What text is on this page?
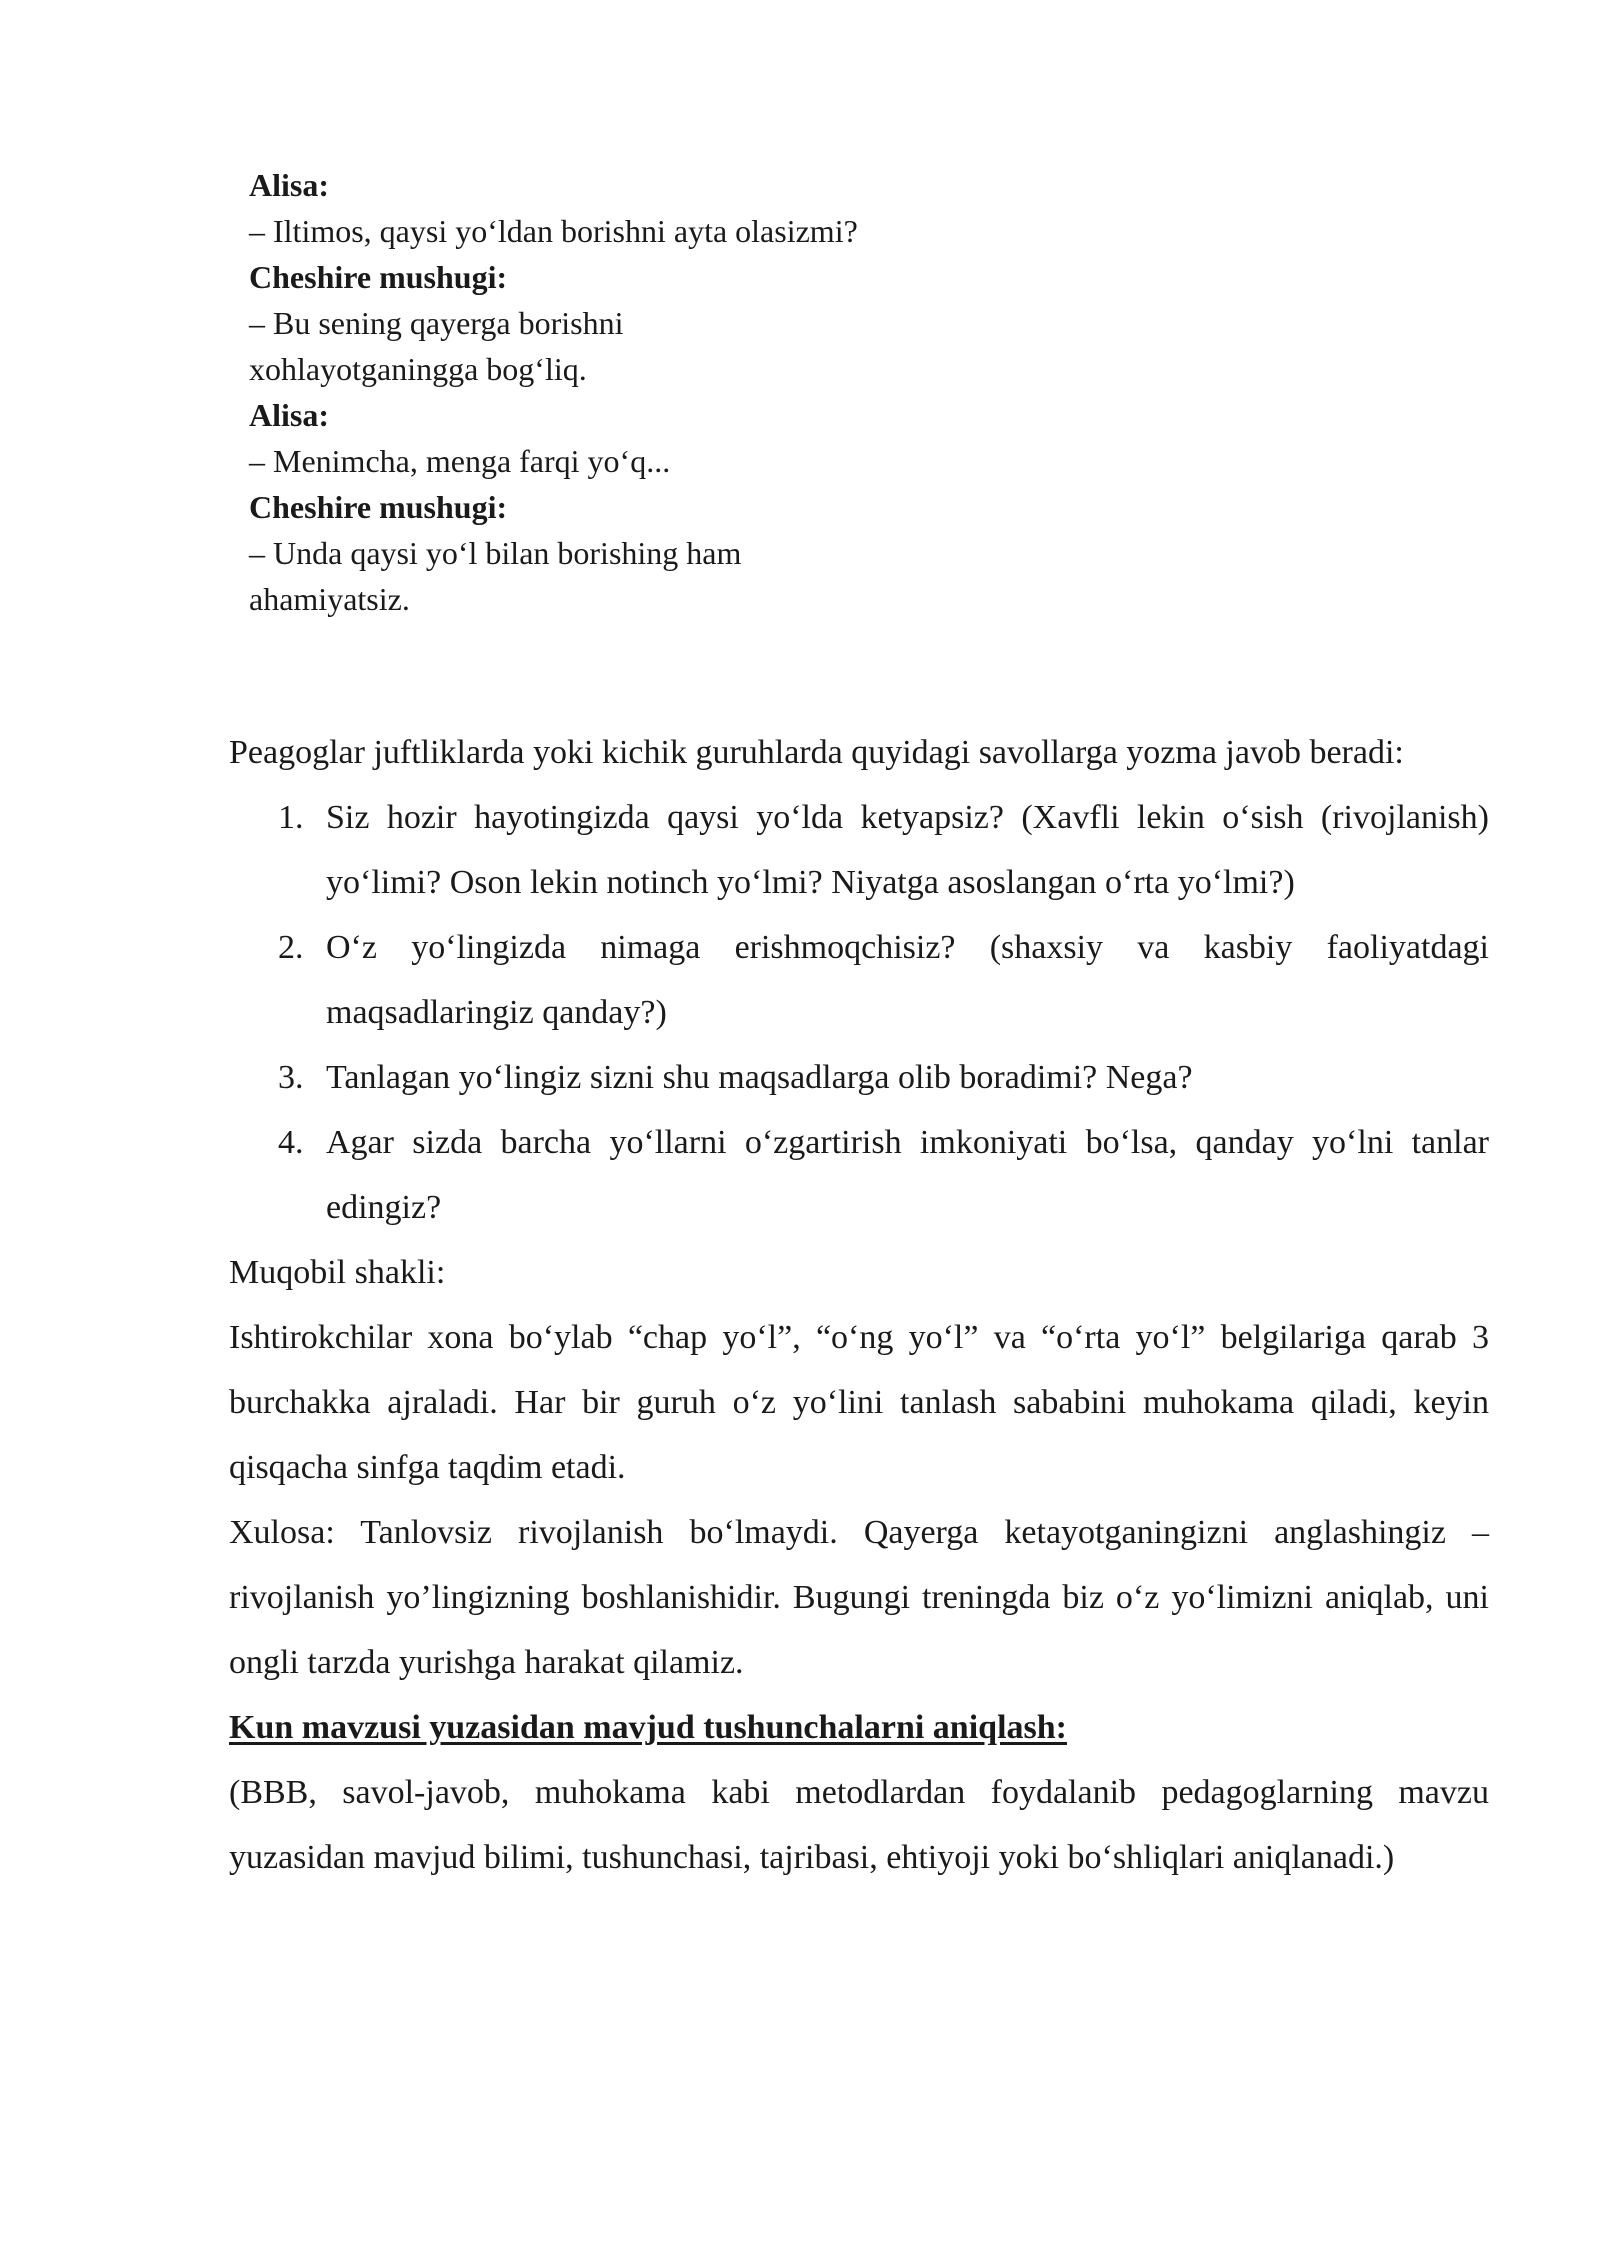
Alisa:
– Iltimos, qaysi yo‘ldan borishni ayta olasizmi?
Cheshire mushugi:
– Bu sening qayerga borishni
xohlayotganingga bog‘liq.
Alisa:
– Menimcha, menga farqi yo‘q...
Cheshire mushugi:
– Unda qaysi yo‘l bilan borishing ham
ahamiyatsiz.

Peagoglar juftliklarda yoki kichik guruhlarda quyidagi savollarga yozma javob beradi:

1. Siz hozir hayotingizda qaysi yo‘lda ketyapsiz? (Xavfli lekin o‘sish (rivojlanish) yo‘limi? Oson lekin notinch yo‘lmi? Niyatga asoslangan o‘rta yo‘lmi?)
2. O‘z yo‘lingizda nimaga erishmoqchisiz? (shaxsiy va kasbiy faoliyatdagi maqsadlaringiz qanday?)
3. Tanlagan yo‘lingiz sizni shu maqsadlarga olib boradimi? Nega?
4. Agar sizda barcha yo‘llarni o‘zgartirish imkoniyati bo‘lsa, qanday yo‘lni tanlar edingiz?

Muqobil shakli:

Ishtirokchilar xona bo‘ylab “chap yo‘l”, “o‘ng yo‘l” va “o‘rta yo‘l” belgilariga qarab 3 burchakka ajraladi. Har bir guruh o‘z yo‘lini tanlash sababini muhokama qiladi, keyin qisqacha sinfga taqdim etadi.

Xulosa: Tanlovsiz rivojlanish bo‘lmaydi. Qayerga ketayotganingizni anglashingiz – rivojlanish yo’lingizning boshlanishidir. Bugungi treningda biz o‘z yo‘limizni aniqlab, uni ongli tarzda yurishga harakat qilamiz.

Kun mavzusi yuzasidan mavjud tushunchalarni aniqlash:

(BBB, savol-javob, muhokama kabi metodlardan foydalanib pedagoglarning mavzu yuzasidan mavjud bilimi, tushunchasi, tajribasi, ehtiyoji yoki bo‘shliqlari aniqlanadi.)
